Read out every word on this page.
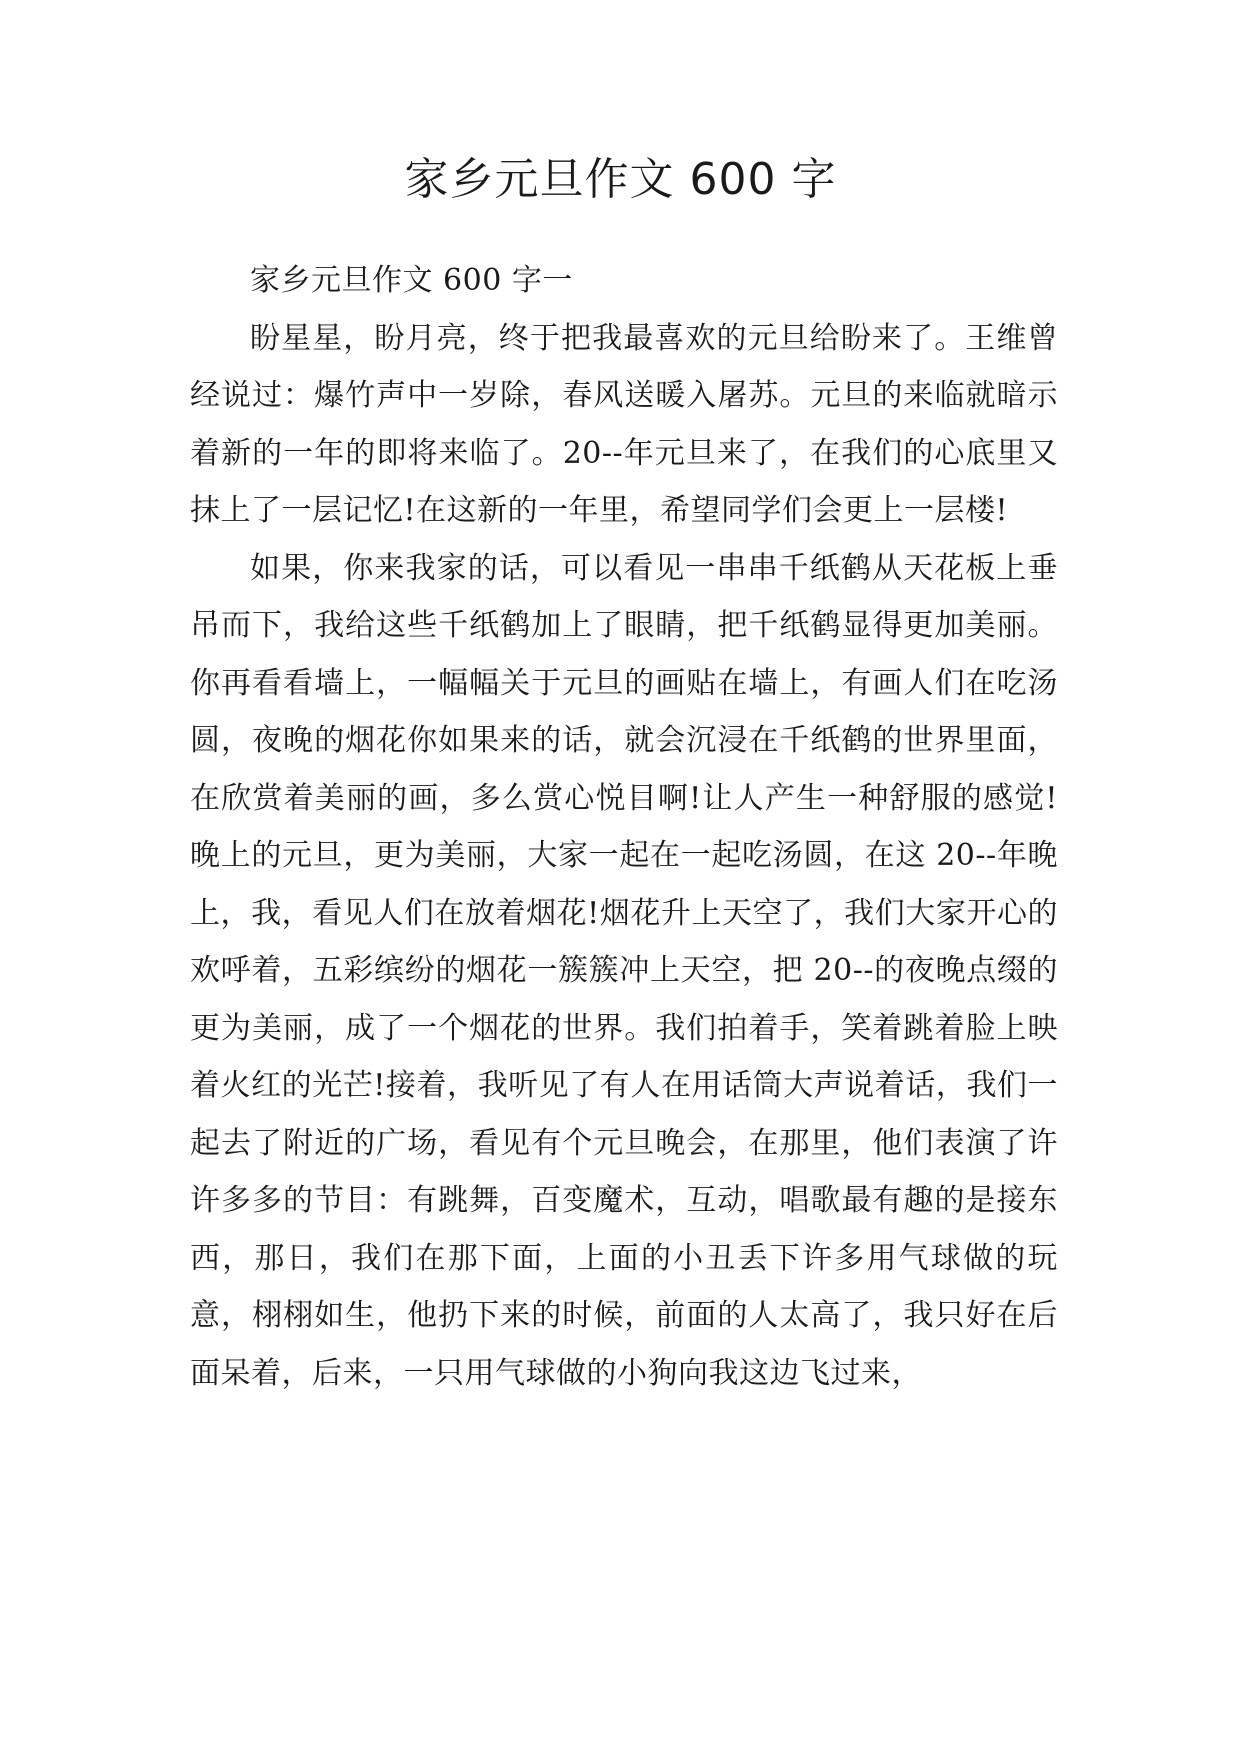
家乡元旦作文 600 字

家乡元旦作文 600 字一

盼星星，盼月亮，终于把我最喜欢的元旦给盼来了。王维曾经说过：爆竹声中一岁除，春风送暖入屠苏。元旦的来临就暗示着新的一年的即将来临了。20--年元旦来了，在我们的心底里又抹上了一层记忆!在这新的一年里，希望同学们会更上一层楼!

如果，你来我家的话，可以看见一串串千纸鹤从天花板上垂吊而下，我给这些千纸鹤加上了眼睛，把千纸鹤显得更加美丽。你再看看墙上，一幅幅关于元旦的画贴在墙上，有画人们在吃汤圆，夜晚的烟花你如果来的话，就会沉浸在千纸鹤的世界里面，在欣赏着美丽的画，多么赏心悦目啊!让人产生一种舒服的感觉!晚上的元旦，更为美丽，大家一起在一起吃汤圆，在这 20--年晚上，我，看见人们在放着烟花!烟花升上天空了，我们大家开心的欢呼着，五彩缤纷的烟花一簇簇冲上天空，把 20--的夜晚点缀的更为美丽，成了一个烟花的世界。我们拍着手，笑着跳着脸上映着火红的光芒!接着，我听见了有人在用话筒大声说着话，我们一起去了附近的广场，看见有个元旦晚会，在那里，他们表演了许许多多的节目：有跳舞，百变魔术，互动，唱歌最有趣的是接东西，那日，我们在那下面，上面的小丑丢下许多用气球做的玩意，栩栩如生，他扔下来的时候，前面的人太高了，我只好在后面呆着，后来，一只用气球做的小狗向我这边飞过来，
